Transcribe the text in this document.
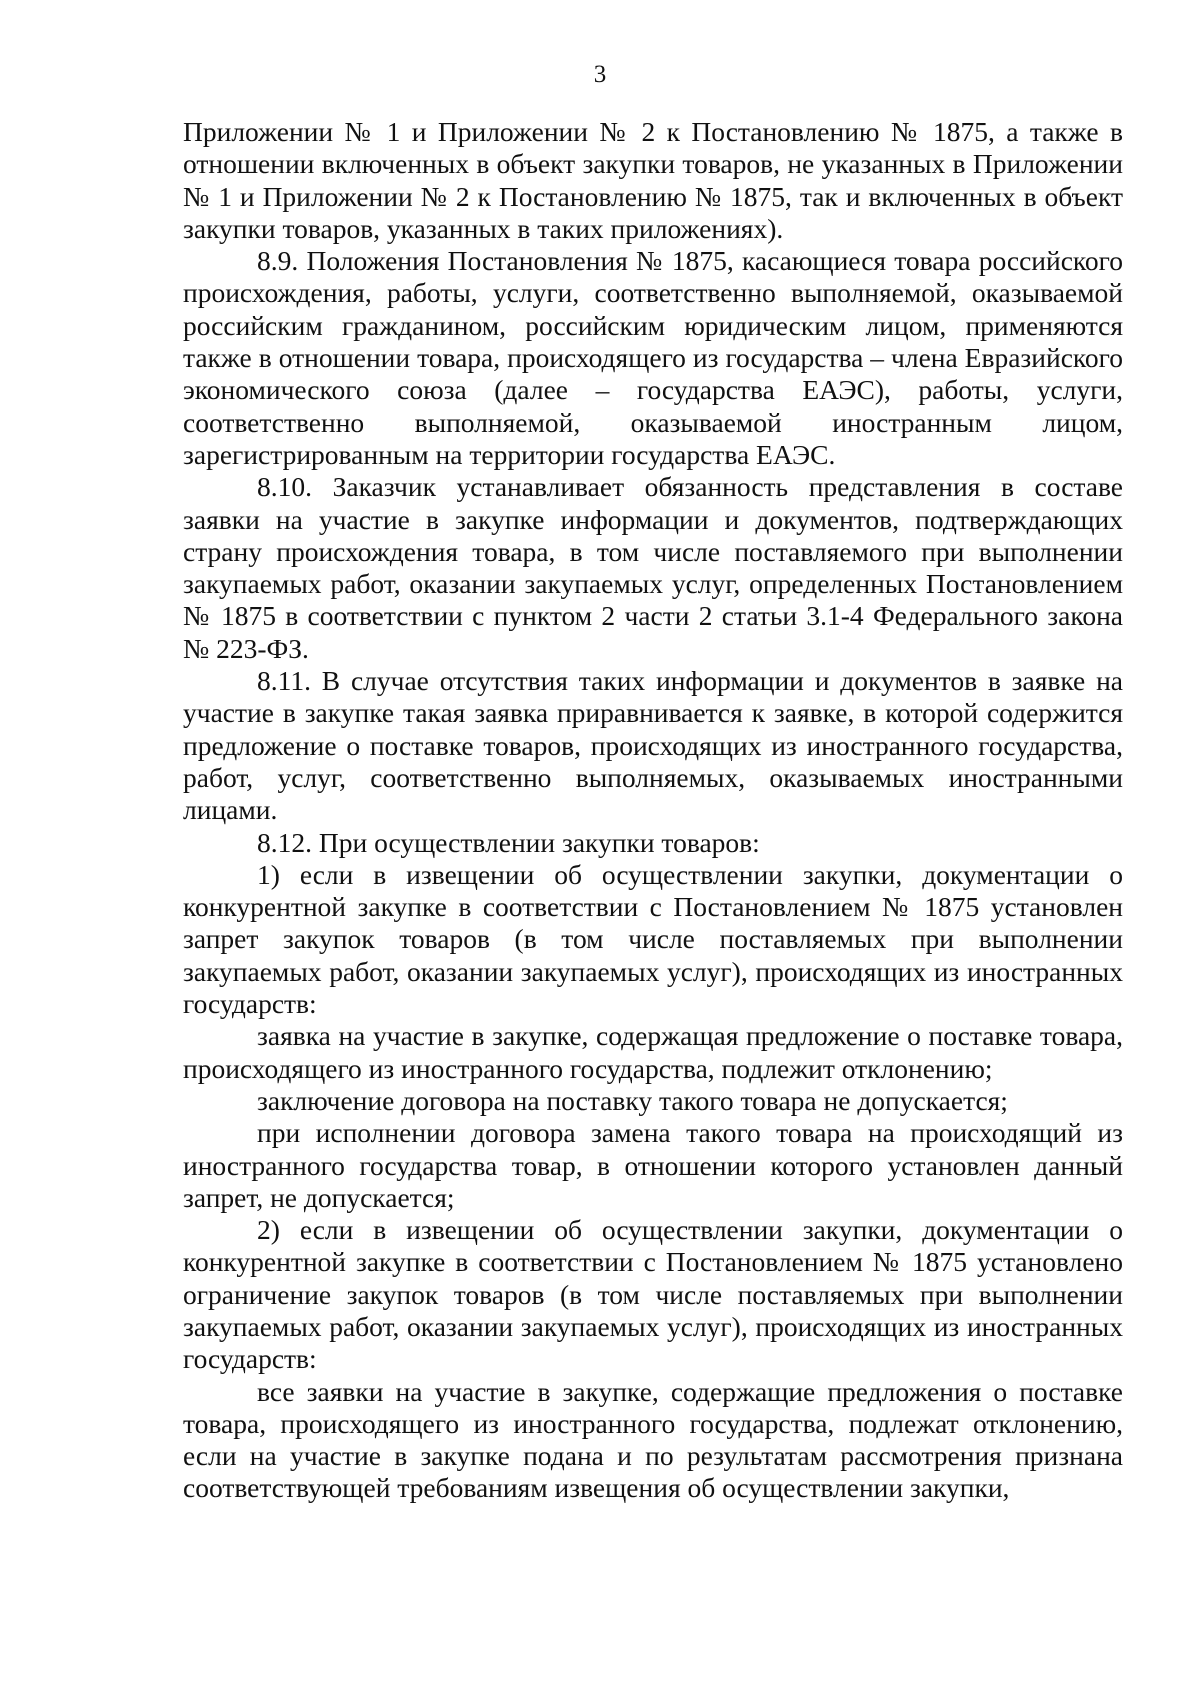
3

Приложении № 1 и Приложении № 2 к Постановлению № 1875, а также в отношении включенных в объект закупки товаров, не указанных в Приложении № 1 и Приложении № 2 к Постановлению № 1875, так и включенных в объект закупки товаров, указанных в таких приложениях).

8.9. Положения Постановления № 1875, касающиеся товара российского происхождения, работы, услуги, соответственно выполняемой, оказываемой российским гражданином, российским юридическим лицом, применяются также в отношении товара, происходящего из государства – члена Евразийского экономического союза (далее – государства ЕАЭС), работы, услуги, соответственно выполняемой, оказываемой иностранным лицом, зарегистрированным на территории государства ЕАЭС.

8.10. Заказчик устанавливает обязанность представления в составе заявки на участие в закупке информации и документов, подтверждающих страну происхождения товара, в том числе поставляемого при выполнении закупаемых работ, оказании закупаемых услуг, определенных Постановлением № 1875 в соответствии с пунктом 2 части 2 статьи 3.1-4 Федерального закона № 223-ФЗ.

8.11. В случае отсутствия таких информации и документов в заявке на участие в закупке такая заявка приравнивается к заявке, в которой содержится предложение о поставке товаров, происходящих из иностранного государства, работ, услуг, соответственно выполняемых, оказываемых иностранными лицами.

8.12. При осуществлении закупки товаров:

1) если в извещении об осуществлении закупки, документации о конкурентной закупке в соответствии с Постановлением № 1875 установлен запрет закупок товаров (в том числе поставляемых при выполнении закупаемых работ, оказании закупаемых услуг), происходящих из иностранных государств:

заявка на участие в закупке, содержащая предложение о поставке товара, происходящего из иностранного государства, подлежит отклонению;

заключение договора на поставку такого товара не допускается;

при исполнении договора замена такого товара на происходящий из иностранного государства товар, в отношении которого установлен данный запрет, не допускается;

2) если в извещении об осуществлении закупки, документации о конкурентной закупке в соответствии с Постановлением № 1875 установлено ограничение закупок товаров (в том числе поставляемых при выполнении закупаемых работ, оказании закупаемых услуг), происходящих из иностранных государств:

все заявки на участие в закупке, содержащие предложения о поставке товара, происходящего из иностранного государства, подлежат отклонению, если на участие в закупке подана и по результатам рассмотрения признана соответствующей требованиям извещения об осуществлении закупки,
